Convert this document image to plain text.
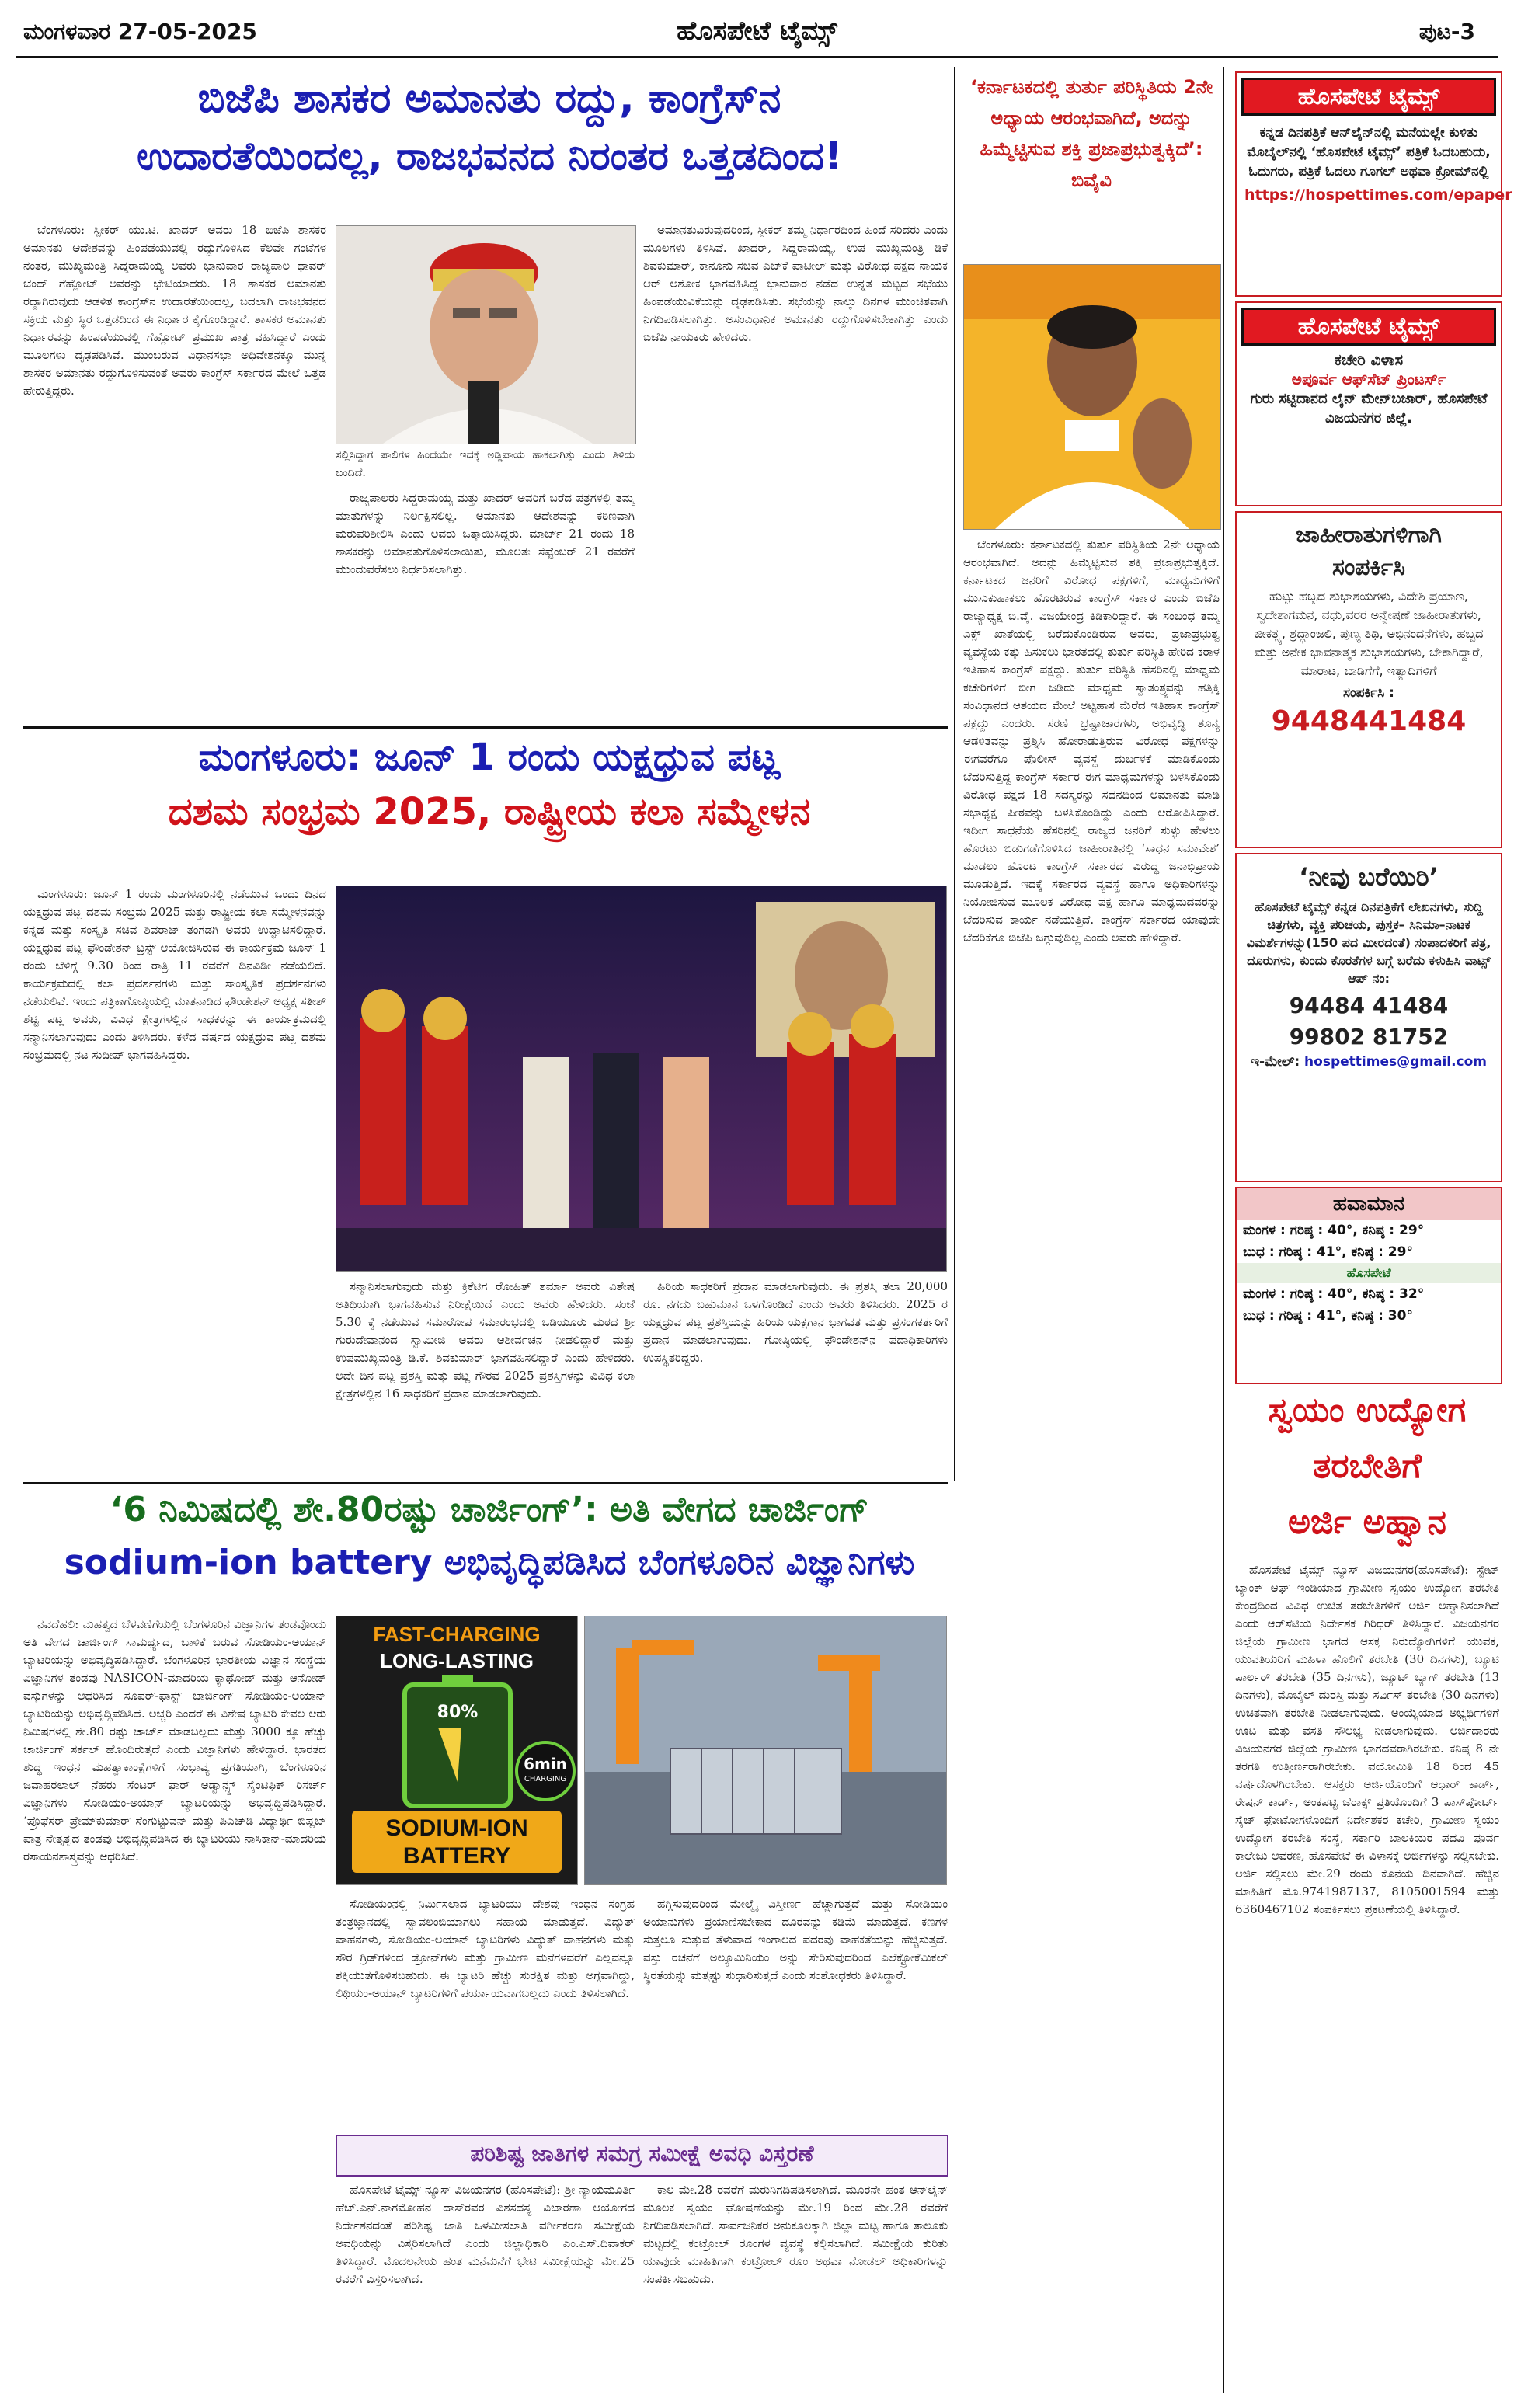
ಮಂಗಳವಾರ 27-05-2025	ಹೊಸಪೇಟೆ ಟೈಮ್ಸ್	ಪುಟ-3
ಬಿಜೆಪಿ ಶಾಸಕರ ಅಮಾನತು ರದ್ದು, ಕಾಂಗ್ರೆಸ್‌ನ
ಉದಾರತೆಯಿಂದಲ್ಲ, ರಾಜಭವನದ ನಿರಂತರ ಒತ್ತಡದಿಂದ!

ಬೆಂಗಳೂರು: ಸ್ಪೀಕರ್ ಯು.ಟಿ. ಖಾದರ್ ಅವರು 18 ಬಿಜೆಪಿ ಶಾಸಕರ ಅಮಾನತು ಆದೇಶವನ್ನು ಹಿಂಪಡೆಯುವಲ್ಲಿ ರದ್ದುಗೊಳಿಸಿದ ಕೆಲವೇ ಗಂಟೆಗಳ ನಂತರ, ಮುಖ್ಯಮಂತ್ರಿ ಸಿದ್ದರಾಮಯ್ಯ ಅವರು ಭಾನುವಾರ ರಾಜ್ಯಪಾಲ ಥಾವರ್ ಚಂದ್ ಗೆಹ್ಲೋಟ್ ಅವರನ್ನು ಭೇಟಿಯಾದರು. 18 ಶಾಸಕರ ಅಮಾನತು ರದ್ದಾಗಿರುವುದು ಆಡಳಿತ ಕಾಂಗ್ರೆಸ್‌ನ ಉದಾರತೆಯಿಂದಲ್ಲ, ಬದಲಾಗಿ ರಾಜಭವನದ ಸಕ್ರಿಯ ಮತ್ತು ಸ್ಥಿರ ಒತ್ತಡದಿಂದ ಈ ನಿರ್ಧಾರ ಕೈಗೊಂಡಿದ್ದಾರೆ. ಶಾಸಕರ ಅಮಾನತು ನಿರ್ಧಾರವನ್ನು ಹಿಂಪಡೆಯುವಲ್ಲಿ ಗೆಹ್ಲೋಟ್ ಪ್ರಮುಖ ಪಾತ್ರ ವಹಿಸಿದ್ದಾರೆ ಎಂದು ಮೂಲಗಳು ದೃಢಪಡಿಸಿವೆ. ಮುಂಬರುವ ವಿಧಾನಸಭಾ ಅಧಿವೇಶನಕ್ಕೂ ಮುನ್ನ ಶಾಸಕರ ಅಮಾನತು ರದ್ದುಗೊಳಿಸುವಂತೆ ಅವರು ಕಾಂಗ್ರೆಸ್ ಸರ್ಕಾರದ ಮೇಲೆ ಒತ್ತಡ ಹೇರುತ್ತಿದ್ದರು.

ಸಲ್ಲಿಸಿದ್ದಾಗ ಪಾಲಿಗಳ ಹಿಂದೆಯೇ ಇದಕ್ಕೆ ಅಡ್ಡಿಪಾಯ ಹಾಕಲಾಗಿತ್ತು ಎಂದು ತಿಳಿದು ಬಂದಿದೆ.

ರಾಜ್ಯಪಾಲರು ಸಿದ್ದರಾಮಯ್ಯ ಮತ್ತು ಖಾದರ್ ಅವರಿಗೆ ಬರೆದ ಪತ್ರಗಳಲ್ಲಿ ತಮ್ಮ ಮಾತುಗಳನ್ನು ನಿರ್ಲಕ್ಷಿಸಲಿಲ್ಲ. ಅಮಾನತು ಆದೇಶವನ್ನು ಕಠಿಣವಾಗಿ ಮರುಪರಿಶೀಲಿಸಿ ಎಂದು ಅವರು ಒತ್ತಾಯಿಸಿದ್ದರು. ಮಾರ್ಚ್ 21 ರಂದು 18 ಶಾಸಕರನ್ನು ಅಮಾನತುಗೊಳಿಸಲಾಯಿತು, ಮೂಲತಃ ಸೆಪ್ಟೆಂಬರ್ 21 ರವರೆಗೆ ಮುಂದುವರೆಸಲು ನಿರ್ಧರಿಸಲಾಗಿತ್ತು.

ಅಮಾನತುವಿರುವುದರಿಂದ, ಸ್ಪೀಕರ್ ತಮ್ಮ ನಿರ್ಧಾರದಿಂದ ಹಿಂದೆ ಸರಿದರು ಎಂದು ಮೂಲಗಳು ತಿಳಿಸಿವೆ. ಖಾದರ್, ಸಿದ್ದರಾಮಯ್ಯ, ಉಪ ಮುಖ್ಯಮಂತ್ರಿ ಡಿಕೆ ಶಿವಕುಮಾರ್, ಕಾನೂನು ಸಚಿವ ಎಚ್‌ಕೆ ಪಾಟೀಲ್ ಮತ್ತು ವಿರೋಧ ಪಕ್ಷದ ನಾಯಕ ಆರ್ ಅಶೋಕ ಭಾಗವಹಿಸಿದ್ದ ಭಾನುವಾರ ನಡೆದ ಉನ್ನತ ಮಟ್ಟದ ಸಭೆಯು ಹಿಂಪಡೆಯುವಿಕೆಯನ್ನು ದೃಢಪಡಿಸಿತು. ಸಭೆಯನ್ನು ನಾಲ್ಕು ದಿನಗಳ ಮುಂಚಿತವಾಗಿ ನಿಗದಿಪಡಿಸಲಾಗಿತ್ತು. ಅಸಂವಿಧಾನಿಕ ಅಮಾನತು ರದ್ದುಗೊಳಿಸಬೇಕಾಗಿತ್ತು ಎಂದು ಬಿಜೆಪಿ ನಾಯಕರು ಹೇಳಿದರು.

‘ಕರ್ನಾಟಕದಲ್ಲಿ ತುರ್ತು ಪರಿಸ್ಥಿತಿಯ 2ನೇ ಅಧ್ಯಾಯ ಆರಂಭವಾಗಿದೆ, ಅದನ್ನು ಹಿಮ್ಮೆಟ್ಟಿಸುವ ಶಕ್ತಿ ಪ್ರಜಾಪ್ರಭುತ್ವಕ್ಕಿದೆ’: ಬಿವೈವಿ

ಬೆಂಗಳೂರು: ಕರ್ನಾಟಕದಲ್ಲಿ ತುರ್ತು ಪರಿಸ್ಥಿತಿಯ 2ನೇ ಅಧ್ಯಾಯ ಆರಂಭವಾಗಿದೆ. ಅದನ್ನು ಹಿಮ್ಮೆಟ್ಟಿಸುವ ಶಕ್ತಿ ಪ್ರಜಾಪ್ರಭುತ್ವಕ್ಕಿದೆ. ಕರ್ನಾಟಕದ ಜನರಿಗೆ ವಿರೋಧ ಪಕ್ಷಗಳಿಗೆ, ಮಾಧ್ಯಮಗಳಿಗೆ ಮುಸುಕುಹಾಕಲು ಹೊರಟಿರುವ ಕಾಂಗ್ರೆಸ್ ಸರ್ಕಾರ ಎಂದು ಬಿಜೆಪಿ ರಾಜ್ಯಾಧ್ಯಕ್ಷ ಬಿ.ವೈ. ವಿಜಯೇಂದ್ರ ಕಿಡಿಕಾರಿದ್ದಾರೆ. ಈ ಸಂಬಂಧ ತಮ್ಮ ಎಕ್ಸ್ ಖಾತೆಯಲ್ಲಿ ಬರೆದುಕೊಂಡಿರುವ ಅವರು, ಪ್ರಜಾಪ್ರಭುತ್ವ ವ್ಯವಸ್ಥೆಯ ಕತ್ತು ಹಿಸುಕಲು ಭಾರತದಲ್ಲಿ ತುರ್ತು ಪರಿಸ್ಥಿತಿ ಹೇರಿದ ಕರಾಳ ಇತಿಹಾಸ ಕಾಂಗ್ರೆಸ್ ಪಕ್ಷದ್ದು. ತುರ್ತು ಪರಿಸ್ಥಿತಿ ಹೆಸರಿನಲ್ಲಿ ಮಾಧ್ಯಮ ಕಚೇರಿಗಳಿಗೆ ಬೀಗ ಜಡಿದು ಮಾಧ್ಯಮ ಸ್ವಾತಂತ್ರ್ಯವನ್ನು ಹತ್ತಿಕ್ಕಿ ಸಂವಿಧಾನದ ಆಶಯದ ಮೇಲೆ ಅಟ್ಟಹಾಸ ಮೆರೆದ ಇತಿಹಾಸ ಕಾಂಗ್ರೆಸ್ ಪಕ್ಷದ್ದು ಎಂದರು. ಸರಣಿ ಭ್ರಷ್ಟಾಚಾರಗಳು, ಅಭಿವೃದ್ಧಿ ಶೂನ್ಯ ಆಡಳಿತವನ್ನು ಪ್ರಶ್ನಿಸಿ ಹೋರಾಡುತ್ತಿರುವ ವಿರೋಧ ಪಕ್ಷಗಳನ್ನು ಈಗವರೆಗೂ ಪೊಲೀಸ್ ವ್ಯವಸ್ಥೆ ದುರ್ಬಳಕೆ ಮಾಡಿಕೊಂಡು ಬೆದರಿಸುತ್ತಿದ್ದ ಕಾಂಗ್ರೆಸ್ ಸರ್ಕಾರ ಈಗ ಮಾಧ್ಯಮಗಳನ್ನು ಬಳಸಿಕೊಂಡು ವಿರೋಧ ಪಕ್ಷದ 18 ಸದಸ್ಯರನ್ನು ಸದನದಿಂದ ಅಮಾನತು ಮಾಡಿ ಸಭಾಧ್ಯಕ್ಷ ಪೀಠವನ್ನು ಬಳಸಿಕೊಂಡಿದ್ದು ಎಂದು ಆರೋಪಿಸಿದ್ದಾರೆ. ಇದೀಗ ಸಾಧನೆಯ ಹೆಸರಿನಲ್ಲಿ ರಾಜ್ಯದ ಜನರಿಗೆ ಸುಳ್ಳು ಹೇಳಲು ಹೊರಟು ಬಿಡುಗಡೆಗೊಳಿಸಿದ ಜಾಹೀರಾತಿನಲ್ಲಿ ‘ಸಾಧನ ಸಮಾವೇಶ’ ಮಾಡಲು ಹೊರಟ ಕಾಂಗ್ರೆಸ್ ಸರ್ಕಾರದ ವಿರುದ್ಧ ಜನಾಭಿಪ್ರಾಯ ಮೂಡುತ್ತಿದೆ. ಇದಕ್ಕೆ ಸರ್ಕಾರದ ವ್ಯವಸ್ಥೆ ಹಾಗೂ ಅಧಿಕಾರಿಗಳನ್ನು ನಿಯೋಜಿಸುವ ಮೂಲಕ ವಿರೋಧ ಪಕ್ಷ ಹಾಗೂ ಮಾಧ್ಯಮದವರನ್ನು ಬೆದರಿಸುವ ಕಾರ್ಯ ನಡೆಯುತ್ತಿದೆ. ಕಾಂಗ್ರೆಸ್ ಸರ್ಕಾರದ ಯಾವುದೇ ಬೆದರಿಕೆಗೂ ಬಿಜೆಪಿ ಜಗ್ಗುವುದಿಲ್ಲ ಎಂದು ಅವರು ಹೇಳಿದ್ದಾರೆ.

ಮಂಗಳೂರು: ಜೂನ್ 1 ರಂದು ಯಕ್ಷಧ್ರುವ ಪಟ್ಲ
ದಶಮ ಸಂಭ್ರಮ 2025, ರಾಷ್ಟ್ರೀಯ ಕಲಾ ಸಮ್ಮೇಳನ

ಮಂಗಳೂರು: ಜೂನ್ 1 ರಂದು ಮಂಗಳೂರಿನಲ್ಲಿ ನಡೆಯುವ ಒಂದು ದಿನದ ಯಕ್ಷಧ್ರುವ ಪಟ್ಲ ದಶಮ ಸಂಭ್ರಮ 2025 ಮತ್ತು ರಾಷ್ಟ್ರೀಯ ಕಲಾ ಸಮ್ಮೇಳನವನ್ನು ಕನ್ನಡ ಮತ್ತು ಸಂಸ್ಕೃತಿ ಸಚಿವ ಶಿವರಾಜ್ ತಂಗಡಗಿ ಅವರು ಉದ್ಘಾಟಿಸಲಿದ್ದಾರೆ. ಯಕ್ಷಧ್ರುವ ಪಟ್ಲ ಫೌಂಡೇಶನ್ ಟ್ರಸ್ಟ್ ಆಯೋಜಿಸಿರುವ ಈ ಕಾರ್ಯಕ್ರಮ ಜೂನ್ 1 ರಂದು ಬೆಳಿಗ್ಗೆ 9.30 ರಿಂದ ರಾತ್ರಿ 11 ರವರೆಗೆ ದಿನವಿಡೀ ನಡೆಯಲಿದೆ. ಕಾರ್ಯಕ್ರಮದಲ್ಲಿ ಕಲಾ ಪ್ರದರ್ಶನಗಳು ಮತ್ತು ಸಾಂಸ್ಕೃತಿಕ ಪ್ರದರ್ಶನಗಳು ನಡೆಯಲಿವೆ. ಇಂದು ಪತ್ರಿಕಾಗೋಷ್ಠಿಯಲ್ಲಿ ಮಾತನಾಡಿದ ಫೌಂಡೇಶನ್ ಅಧ್ಯಕ್ಷ ಸತೀಶ್ ಶೆಟ್ಟಿ ಪಟ್ಲ ಅವರು, ವಿವಿಧ ಕ್ಷೇತ್ರಗಳಲ್ಲಿನ ಸಾಧಕರನ್ನು ಈ ಕಾರ್ಯಕ್ರಮದಲ್ಲಿ ಸನ್ಮಾನಿಸಲಾಗುವುದು ಎಂದು ತಿಳಿಸಿದರು. ಕಳೆದ ವರ್ಷದ ಯಕ್ಷಧ್ರುವ ಪಟ್ಲ ದಶಮ ಸಂಭ್ರಮದಲ್ಲಿ ನಟ ಸುದೀಪ್ ಭಾಗವಹಿಸಿದ್ದರು.

ಸನ್ಮಾನಿಸಲಾಗುವುದು ಮತ್ತು ಕ್ರಿಕೆಟಿಗ ರೋಹಿತ್ ಶರ್ಮಾ ಅವರು ವಿಶೇಷ ಅತಿಥಿಯಾಗಿ ಭಾಗವಹಿಸುವ ನಿರೀಕ್ಷೆಯಿದೆ ಎಂದು ಅವರು ಹೇಳಿದರು. ಸಂಜೆ 5.30 ಕ್ಕೆ ನಡೆಯುವ ಸಮಾರೋಪ ಸಮಾರಂಭದಲ್ಲಿ ಒಡಿಯೂರು ಮಠದ ಶ್ರೀ ಗುರುದೇವಾನಂದ ಸ್ವಾಮೀಜಿ ಅವರು ಆಶೀರ್ವಚನ ನೀಡಲಿದ್ದಾರೆ ಮತ್ತು ಉಪಮುಖ್ಯಮಂತ್ರಿ ಡಿ.ಕೆ. ಶಿವಕುಮಾರ್ ಭಾಗವಹಿಸಲಿದ್ದಾರೆ ಎಂದು ಹೇಳಿದರು. ಅದೇ ದಿನ ಪಟ್ಲ ಪ್ರಶಸ್ತಿ ಮತ್ತು ಪಟ್ಲ ಗೌರವ 2025 ಪ್ರಶಸ್ತಿಗಳನ್ನು ವಿವಿಧ ಕಲಾ ಕ್ಷೇತ್ರಗಳಲ್ಲಿನ 16 ಸಾಧಕರಿಗೆ ಪ್ರದಾನ ಮಾಡಲಾಗುವುದು.

ಹಿರಿಯ ಸಾಧಕರಿಗೆ ಪ್ರದಾನ ಮಾಡಲಾಗುವುದು. ಈ ಪ್ರಶಸ್ತಿ ತಲಾ 20,000 ರೂ. ನಗದು ಬಹುಮಾನ ಒಳಗೊಂಡಿದೆ ಎಂದು ಅವರು ತಿಳಿಸಿದರು. 2025 ರ ಯಕ್ಷಧ್ರುವ ಪಟ್ಲ ಪ್ರಶಸ್ತಿಯನ್ನು ಹಿರಿಯ ಯಕ್ಷಗಾನ ಭಾಗವತ ಮತ್ತು ಪ್ರಸಂಗಕರ್ತರಿಗೆ ಪ್ರದಾನ ಮಾಡಲಾಗುವುದು. ಗೋಷ್ಠಿಯಲ್ಲಿ ಫೌಂಡೇಶನ್‌ನ ಪದಾಧಿಕಾರಿಗಳು ಉಪಸ್ಥಿತರಿದ್ದರು.

‘6 ನಿಮಿಷದಲ್ಲಿ ಶೇ.80ರಷ್ಟು ಚಾರ್ಜಿಂಗ್’: ಅತಿ ವೇಗದ ಚಾರ್ಜಿಂಗ್
sodium-ion battery ಅಭಿವೃದ್ಧಿಪಡಿಸಿದ ಬೆಂಗಳೂರಿನ ವಿಜ್ಞಾನಿಗಳು

ನವದೆಹಲಿ: ಮಹತ್ವದ ಬೆಳವಣಿಗೆಯಲ್ಲಿ ಬೆಂಗಳೂರಿನ ವಿಜ್ಞಾನಿಗಳ ತಂಡವೊಂದು ಅತಿ ವೇಗದ ಚಾರ್ಜಿಂಗ್ ಸಾಮರ್ಥ್ಯದ, ಬಾಳಿಕೆ ಬರುವ ಸೋಡಿಯಂ-ಅಯಾನ್ ಬ್ಯಾಟರಿಯನ್ನು ಅಭಿವೃದ್ಧಿಪಡಿಸಿದ್ದಾರೆ. ಬೆಂಗಳೂರಿನ ಭಾರತೀಯ ವಿಜ್ಞಾನ ಸಂಸ್ಥೆಯ ವಿಜ್ಞಾನಿಗಳ ತಂಡವು NASICON-ಮಾದರಿಯ ಕ್ಯಾಥೋಡ್ ಮತ್ತು ಆನೋಡ್ ವಸ್ತುಗಳನ್ನು ಆಧರಿಸಿದ ಸೂಪರ್-ಫಾಸ್ಟ್ ಚಾರ್ಜಿಂಗ್ ಸೋಡಿಯಂ-ಅಯಾನ್ ಬ್ಯಾಟರಿಯನ್ನು ಅಭಿವೃದ್ಧಿಪಡಿಸಿದೆ. ಅಚ್ಚರಿ ಎಂದರೆ ಈ ವಿಶೇಷ ಬ್ಯಾಟರಿ ಕೇವಲ ಆರು ನಿಮಿಷಗಳಲ್ಲಿ ಶೇ.80 ರಷ್ಟು ಚಾರ್ಜ್ ಮಾಡಬಲ್ಲದು ಮತ್ತು 3000 ಕ್ಕೂ ಹೆಚ್ಚು ಚಾರ್ಜಿಂಗ್ ಸರ್ಕಲ್ ಹೊಂದಿರುತ್ತದೆ ಎಂದು ವಿಜ್ಞಾನಿಗಳು ಹೇಳಿದ್ದಾರೆ. ಭಾರತದ ಶುದ್ಧ ಇಂಧನ ಮಹತ್ವಾಕಾಂಕ್ಷೆಗಳಿಗೆ ಸಂಭಾವ್ಯ ಪ್ರಗತಿಯಾಗಿ, ಬೆಂಗಳೂರಿನ ಜವಾಹರಲಾಲ್ ನೆಹರು ಸೆಂಟರ್ ಫಾರ್ ಅಡ್ವಾನ್ಸ್ಡ್ ಸೈಂಟಿಫಿಕ್ ರಿಸರ್ಚ್ ವಿಜ್ಞಾನಿಗಳು ಸೋಡಿಯಂ-ಅಯಾನ್ ಬ್ಯಾಟರಿಯನ್ನು ಅಭಿವೃದ್ಧಿಪಡಿಸಿದ್ದಾರೆ. ‘ಪ್ರೊಫೆಸರ್ ಪ್ರೇಮ್‌ಕುಮಾರ್ ಸೆಂಗುಟ್ಟುವನ್ ಮತ್ತು ಪಿಎಚ್‌ಡಿ ವಿದ್ಯಾರ್ಥಿ ಬಿಪ್ಲಬ್ ಪಾತ್ರ ನೇತೃತ್ವದ ತಂಡವು ಅಭಿವೃದ್ಧಿಪಡಿಸಿದ ಈ ಬ್ಯಾಟರಿಯು ನಾಸಿಕಾನ್-ಮಾದರಿಯ ರಸಾಯನಶಾಸ್ತ್ರವನ್ನು ಆಧರಿಸಿದೆ.

FAST-CHARGING
LONG-LASTING
80%
6min
CHARGING
SODIUM-ION
BATTERY

ಸೋಡಿಯಂನಲ್ಲಿ ನಿರ್ಮಿಸಲಾದ ಬ್ಯಾಟರಿಯು ದೇಶವು ಇಂಧನ ಸಂಗ್ರಹ ತಂತ್ರಜ್ಞಾನದಲ್ಲಿ ಸ್ವಾವಲಂಬಿಯಾಗಲು ಸಹಾಯ ಮಾಡುತ್ತದೆ. ವಿದ್ಯುತ್ ವಾಹನಗಳು, ಸೋಡಿಯಂ-ಅಯಾನ್ ಬ್ಯಾಟರಿಗಳು ವಿದ್ಯುತ್ ವಾಹನಗಳು ಮತ್ತು ಸೌರ ಗ್ರಿಡ್‌ಗಳಿಂದ ಡ್ರೋನ್‌ಗಳು ಮತ್ತು ಗ್ರಾಮೀಣ ಮನೆಗಳವರೆಗೆ ಎಲ್ಲವನ್ನೂ ಶಕ್ತಿಯುತಗೊಳಿಸಬಹುದು. ಈ ಬ್ಯಾಟರಿ ಹೆಚ್ಚು ಸುರಕ್ಷಿತ ಮತ್ತು ಅಗ್ಗವಾಗಿದ್ದು, ಲಿಥಿಯಂ-ಅಯಾನ್ ಬ್ಯಾಟರಿಗಳಿಗೆ ಪರ್ಯಾಯವಾಗಬಲ್ಲದು ಎಂದು ತಿಳಿಸಲಾಗಿದೆ.

ಹಗ್ಗಿಸುವುದರಿಂದ ಮೇಲ್ಮೈ ವಿಸ್ತೀರ್ಣ ಹೆಚ್ಚಾಗುತ್ತದೆ ಮತ್ತು ಸೋಡಿಯಂ ಅಯಾನುಗಳು ಪ್ರಯಾಣಿಸಬೇಕಾದ ದೂರವನ್ನು ಕಡಿಮೆ ಮಾಡುತ್ತದೆ. ಕಣಗಳ ಸುತ್ತಲೂ ಸುತ್ತುವ ತೆಳುವಾದ ಇಂಗಾಲದ ಪದರವು ವಾಹಕತೆಯನ್ನು ಹೆಚ್ಚಿಸುತ್ತದೆ. ವಸ್ತು ರಚನೆಗೆ ಅಲ್ಯೂಮಿನಿಯಂ ಅನ್ನು ಸೇರಿಸುವುದರಿಂದ ಎಲೆಕ್ಟ್ರೋಕೆಮಿಕಲ್ ಸ್ಥಿರತೆಯನ್ನು ಮತ್ತಷ್ಟು ಸುಧಾರಿಸುತ್ತದೆ ಎಂದು ಸಂಶೋಧಕರು ತಿಳಿಸಿದ್ದಾರೆ.

ಪರಿಶಿಷ್ಟ ಜಾತಿಗಳ ಸಮಗ್ರ ಸಮೀಕ್ಷೆ ಅವಧಿ ವಿಸ್ತರಣೆ

ಹೊಸಪೇಟೆ ಟೈಮ್ಸ್ ನ್ಯೂಸ್ ವಿಜಯನಗರ (ಹೊಸಪೇಟೆ): ಶ್ರೀ ನ್ಯಾಯಮೂರ್ತಿ ಹೆಚ್.ಎನ್.ನಾಗಮೋಹನ ದಾಸ್‌ರವರ ವಿಶಸದಸ್ಯ ವಿಚಾರಣಾ ಆಯೋಗದ ನಿರ್ದೇಶನದಂತೆ ಪರಿಶಿಷ್ಟ ಜಾತಿ ಒಳಮೀಸಲಾತಿ ವರ್ಗೀಕರಣ ಸಮೀಕ್ಷೆಯ ಅವಧಿಯನ್ನು ವಿಸ್ತರಿಸಲಾಗಿದೆ ಎಂದು ಜಿಲ್ಲಾಧಿಕಾರಿ ಎಂ.ಎಸ್.ದಿವಾಕರ್ ತಿಳಿಸಿದ್ದಾರೆ. ಮೊದಲನೇಯ ಹಂತ ಮನೆಮನೆಗೆ ಭೇಟಿ ಸಮೀಕ್ಷೆಯನ್ನು ಮೇ.25 ರವರೆಗೆ ವಿಸ್ತರಿಸಲಾಗಿದೆ.

ಕಾಲ ಮೇ.28 ರವರೆಗೆ ಮರುನಿಗದಿಪಡಿಸಲಾಗಿದೆ. ಮೂರನೇ ಹಂತ ಆನ್‌ಲೈನ್ ಮೂಲಕ ಸ್ವಯಂ ಘೋಷಣೆಯನ್ನು ಮೇ.19 ರಿಂದ ಮೇ.28 ರವರೆಗೆ ನಿಗದಿಪಡಿಸಲಾಗಿದೆ. ಸಾರ್ವಜನಿಕರ ಅನುಕೂಲಕ್ಕಾಗಿ ಜಿಲ್ಲಾ ಮಟ್ಟ ಹಾಗೂ ತಾಲೂಕು ಮಟ್ಟದಲ್ಲಿ ಕಂಟ್ರೋಲ್ ರೂಂಗಳ ವ್ಯವಸ್ಥೆ ಕಲ್ಪಿಸಲಾಗಿದೆ. ಸಮೀಕ್ಷೆಯ ಕುರಿತು ಯಾವುದೇ ಮಾಹಿತಿಗಾಗಿ ಕಂಟ್ರೋಲ್ ರೂಂ ಅಥವಾ ನೋಡಲ್ ಅಧಿಕಾರಿಗಳನ್ನು ಸಂಪರ್ಕಿಸಬಹುದು.

ಹೊಸಪೇಟೆ ಟೈಮ್ಸ್
ಕನ್ನಡ ದಿನಪತ್ರಿಕೆ ಆನ್‌ಲೈನ್‌ನಲ್ಲಿ ಮನೆಯಲ್ಲೇ ಕುಳಿತು ಮೊಬೈಲ್‌ನಲ್ಲಿ ‘ಹೊಸಪೇಟೆ ಟೈಮ್ಸ್’ ಪತ್ರಿಕೆ ಓದಬಹುದು, ಓದುಗರು, ಪತ್ರಿಕೆ ಓದಲು ಗೂಗಲ್ ಅಥವಾ ಕ್ರೋಮ್‌ನಲ್ಲಿ
https://hospettimes.com/epaper
ಹೊಸಪೇಟೆ ಟೈಮ್ಸ್
ಕಚೇರಿ ವಿಳಾಸ
ಅಪೂರ್ವ ಆಫ್‌ಸೆಟ್ ಪ್ರಿಂಟರ್ಸ್
ಗುರು ಸಟ್ಟಿದಾನದ ಲೈನ್ ಮೇನ್‌ಬಜಾರ್, ಹೊಸಪೇಟೆ ವಿಜಯನಗರ ಜಿಲ್ಲೆ.
ಜಾಹೀರಾತುಗಳಿಗಾಗಿ
ಸಂಪರ್ಕಿಸಿ
ಹುಟ್ಟು ಹಬ್ಬದ ಶುಭಾಶಯಗಳು, ವಿದೇಶಿ ಪ್ರಯಾಣ, ಸ್ವದೇಶಾಗಮನ, ವಧು,ವರರ ಅನ್ವೇಷಣೆ ಜಾಹೀರಾತುಗಳು, ಜೀಕತ್ಸ್ಯ, ಶ್ರದ್ಧಾಂಜಲಿ, ಪುಣ್ಯ ತಿಥಿ, ಅಭಿನಂದನೆಗಳು, ಹಬ್ಬದ ಮತ್ತು ಅನೇಕ ಭಾವನಾತ್ಮಕ ಶುಭಾಶಯಗಳು, ಬೇಕಾಗಿದ್ದಾರೆ, ಮಾರಾಟ, ಬಾಡಿಗೆಗೆ, ಇತ್ಯಾದಿಗಳಿಗೆ
ಸಂಪರ್ಕಿಸಿ :
9448441484
‘ನೀವು ಬರೆಯಿರಿ’
ಹೊಸಪೇಟೆ ಟೈಮ್ಸ್ ಕನ್ನಡ ದಿನಪತ್ರಿಕೆಗೆ ಲೇಖನಗಳು, ಸುದ್ದಿ ಚಿತ್ರಗಳು, ವ್ಯಕ್ತಿ ಪರಿಚಯ, ಪುಸ್ತಕ– ಸಿನಿಮಾ–ನಾಟಕ ವಿಮರ್ಶೆಗಳನ್ನು(150 ಪದ ಮೀರದಂತೆ) ಸಂಪಾದಕರಿಗೆ ಪತ್ರ, ದೂರುಗಳು, ಕುಂದು ಕೊರತೆಗಳ ಬಗ್ಗೆ ಬರೆದು ಕಳುಹಿಸಿ ವಾಟ್ಸ್ ಆಪ್ ನಂ:
94484 41484
99802 81752
ಇ-ಮೇಲ್: hospettimes@gmail.com
ಹವಾಮಾನ
ಮಂಗಳ : ಗರಿಷ್ಠ : 40°, ಕನಿಷ್ಠ : 29°
ಬುಧ : ಗರಿಷ್ಠ : 41°, ಕನಿಷ್ಠ : 29°
ಹೊಸಪೇಟೆ
ಮಂಗಳ : ಗರಿಷ್ಠ : 40°, ಕನಿಷ್ಠ : 32°
ಬುಧ : ಗರಿಷ್ಠ : 41°, ಕನಿಷ್ಠ : 30°
ಸ್ವಯಂ ಉದ್ಯೋಗ
ತರಬೇತಿಗೆ
ಅರ್ಜಿ ಅಹ್ವಾನ

ಹೊಸಪೇಟೆ ಟೈಮ್ಸ್ ನ್ಯೂಸ್ ವಿಜಯನಗರ(ಹೊಸಪೇಟೆ): ಸ್ಟೇಟ್ ಬ್ಯಾಂಕ್ ಆಫ್ ಇಂಡಿಯಾದ ಗ್ರಾಮೀಣ ಸ್ವಯಂ ಉದ್ಯೋಗ ತರಬೇತಿ ಕೇಂದ್ರದಿಂದ ವಿವಿಧ ಉಚಿತ ತರಬೇತಿಗಳಿಗೆ ಅರ್ಜಿ ಅಹ್ವಾನಿಸಲಾಗಿದೆ ಎಂದು ಆರ್‌ಸೆಟಿಯ ನಿರ್ದೇಶಕ ಗಿರಿಧರ್ ತಿಳಿಸಿದ್ದಾರೆ. ವಿಜಯನಗರ ಜಿಲ್ಲೆಯ ಗ್ರಾಮೀಣ ಭಾಗದ ಆಸಕ್ತ ನಿರುದ್ಯೋಗಿಗಳಿಗೆ ಯುವಕ, ಯುವತಿಯರಿಗೆ ಮಹಿಳಾ ಹೊಲಿಗೆ ತರಬೇತಿ (30 ದಿನಗಳು), ಬ್ಯೂಟಿ ಪಾರ್ಲರ್ ತರಬೇತಿ (35 ದಿನಗಳು), ಜ್ಯೂಟ್ ಬ್ಯಾಗ್ ತರಬೇತಿ (13 ದಿನಗಳು), ಮೊಬೈಲ್ ದುರಸ್ತಿ ಮತ್ತು ಸರ್ವಿಸ್ ತರಬೇತಿ (30 ದಿನಗಳು) ಉಚಿತವಾಗಿ ತರಬೇತಿ ನೀಡಲಾಗುವುದು. ಅಂಯ್ಯೆಯಾದ ಅಭ್ಯರ್ಥಿಗಳಿಗೆ ಊಟ ಮತ್ತು ವಸತಿ ಸೌಲಭ್ಯ ನೀಡಲಾಗುವುದು. ಅರ್ಜಿದಾರರು ವಿಜಯನಗರ ಜಿಲ್ಲೆಯ ಗ್ರಾಮೀಣ ಭಾಗದವರಾಗಿರಬೇಕು. ಕನಿಷ್ಠ 8 ನೇ ತರಗತಿ ಉತ್ತೀರ್ಣರಾಗಿರಬೇಕು. ವಯೋಮಿತಿ 18 ರಿಂದ 45 ವರ್ಷದೊಳಗಿರಬೇಕು. ಆಸಕ್ತರು ಅರ್ಜಿಯೊಂದಿಗೆ ಆಧಾರ್ ಕಾರ್ಡ್, ರೇಷನ್ ಕಾರ್ಡ್, ಅಂಕಪಟ್ಟಿ ಜೆರಾಕ್ಸ್ ಪ್ರತಿಯೊಂದಿಗೆ 3 ಪಾಸ್‌ಪೋರ್ಟ್ ಸೈಜ್ ಫೋಟೋಗಳೊಂದಿಗೆ ನಿರ್ದೇಶಕರ ಕಚೇರಿ, ಗ್ರಾಮೀಣ ಸ್ವಯಂ ಉದ್ಯೋಗ ತರಬೇತಿ ಸಂಸ್ಥೆ, ಸರ್ಕಾರಿ ಬಾಲಕಿಯರ ಪದವಿ ಪೂರ್ವ ಕಾಲೇಜು ಆವರಣ, ಹೊಸಪೇಟೆ ಈ ವಿಳಾಸಕ್ಕೆ ಅರ್ಜಿಗಳನ್ನು ಸಲ್ಲಿಸಬೇಕು. ಅರ್ಜಿ ಸಲ್ಲಿಸಲು ಮೇ.29 ರಂದು ಕೊನೆಯ ದಿನವಾಗಿದೆ. ಹೆಚ್ಚಿನ ಮಾಹಿತಿಗೆ ಮೊ.9741987137, 8105001594 ಮತ್ತು 6360467102 ಸಂಪರ್ಕಿಸಲು ಪ್ರಕಟಣೆಯಲ್ಲಿ ತಿಳಿಸಿದ್ದಾರೆ.
